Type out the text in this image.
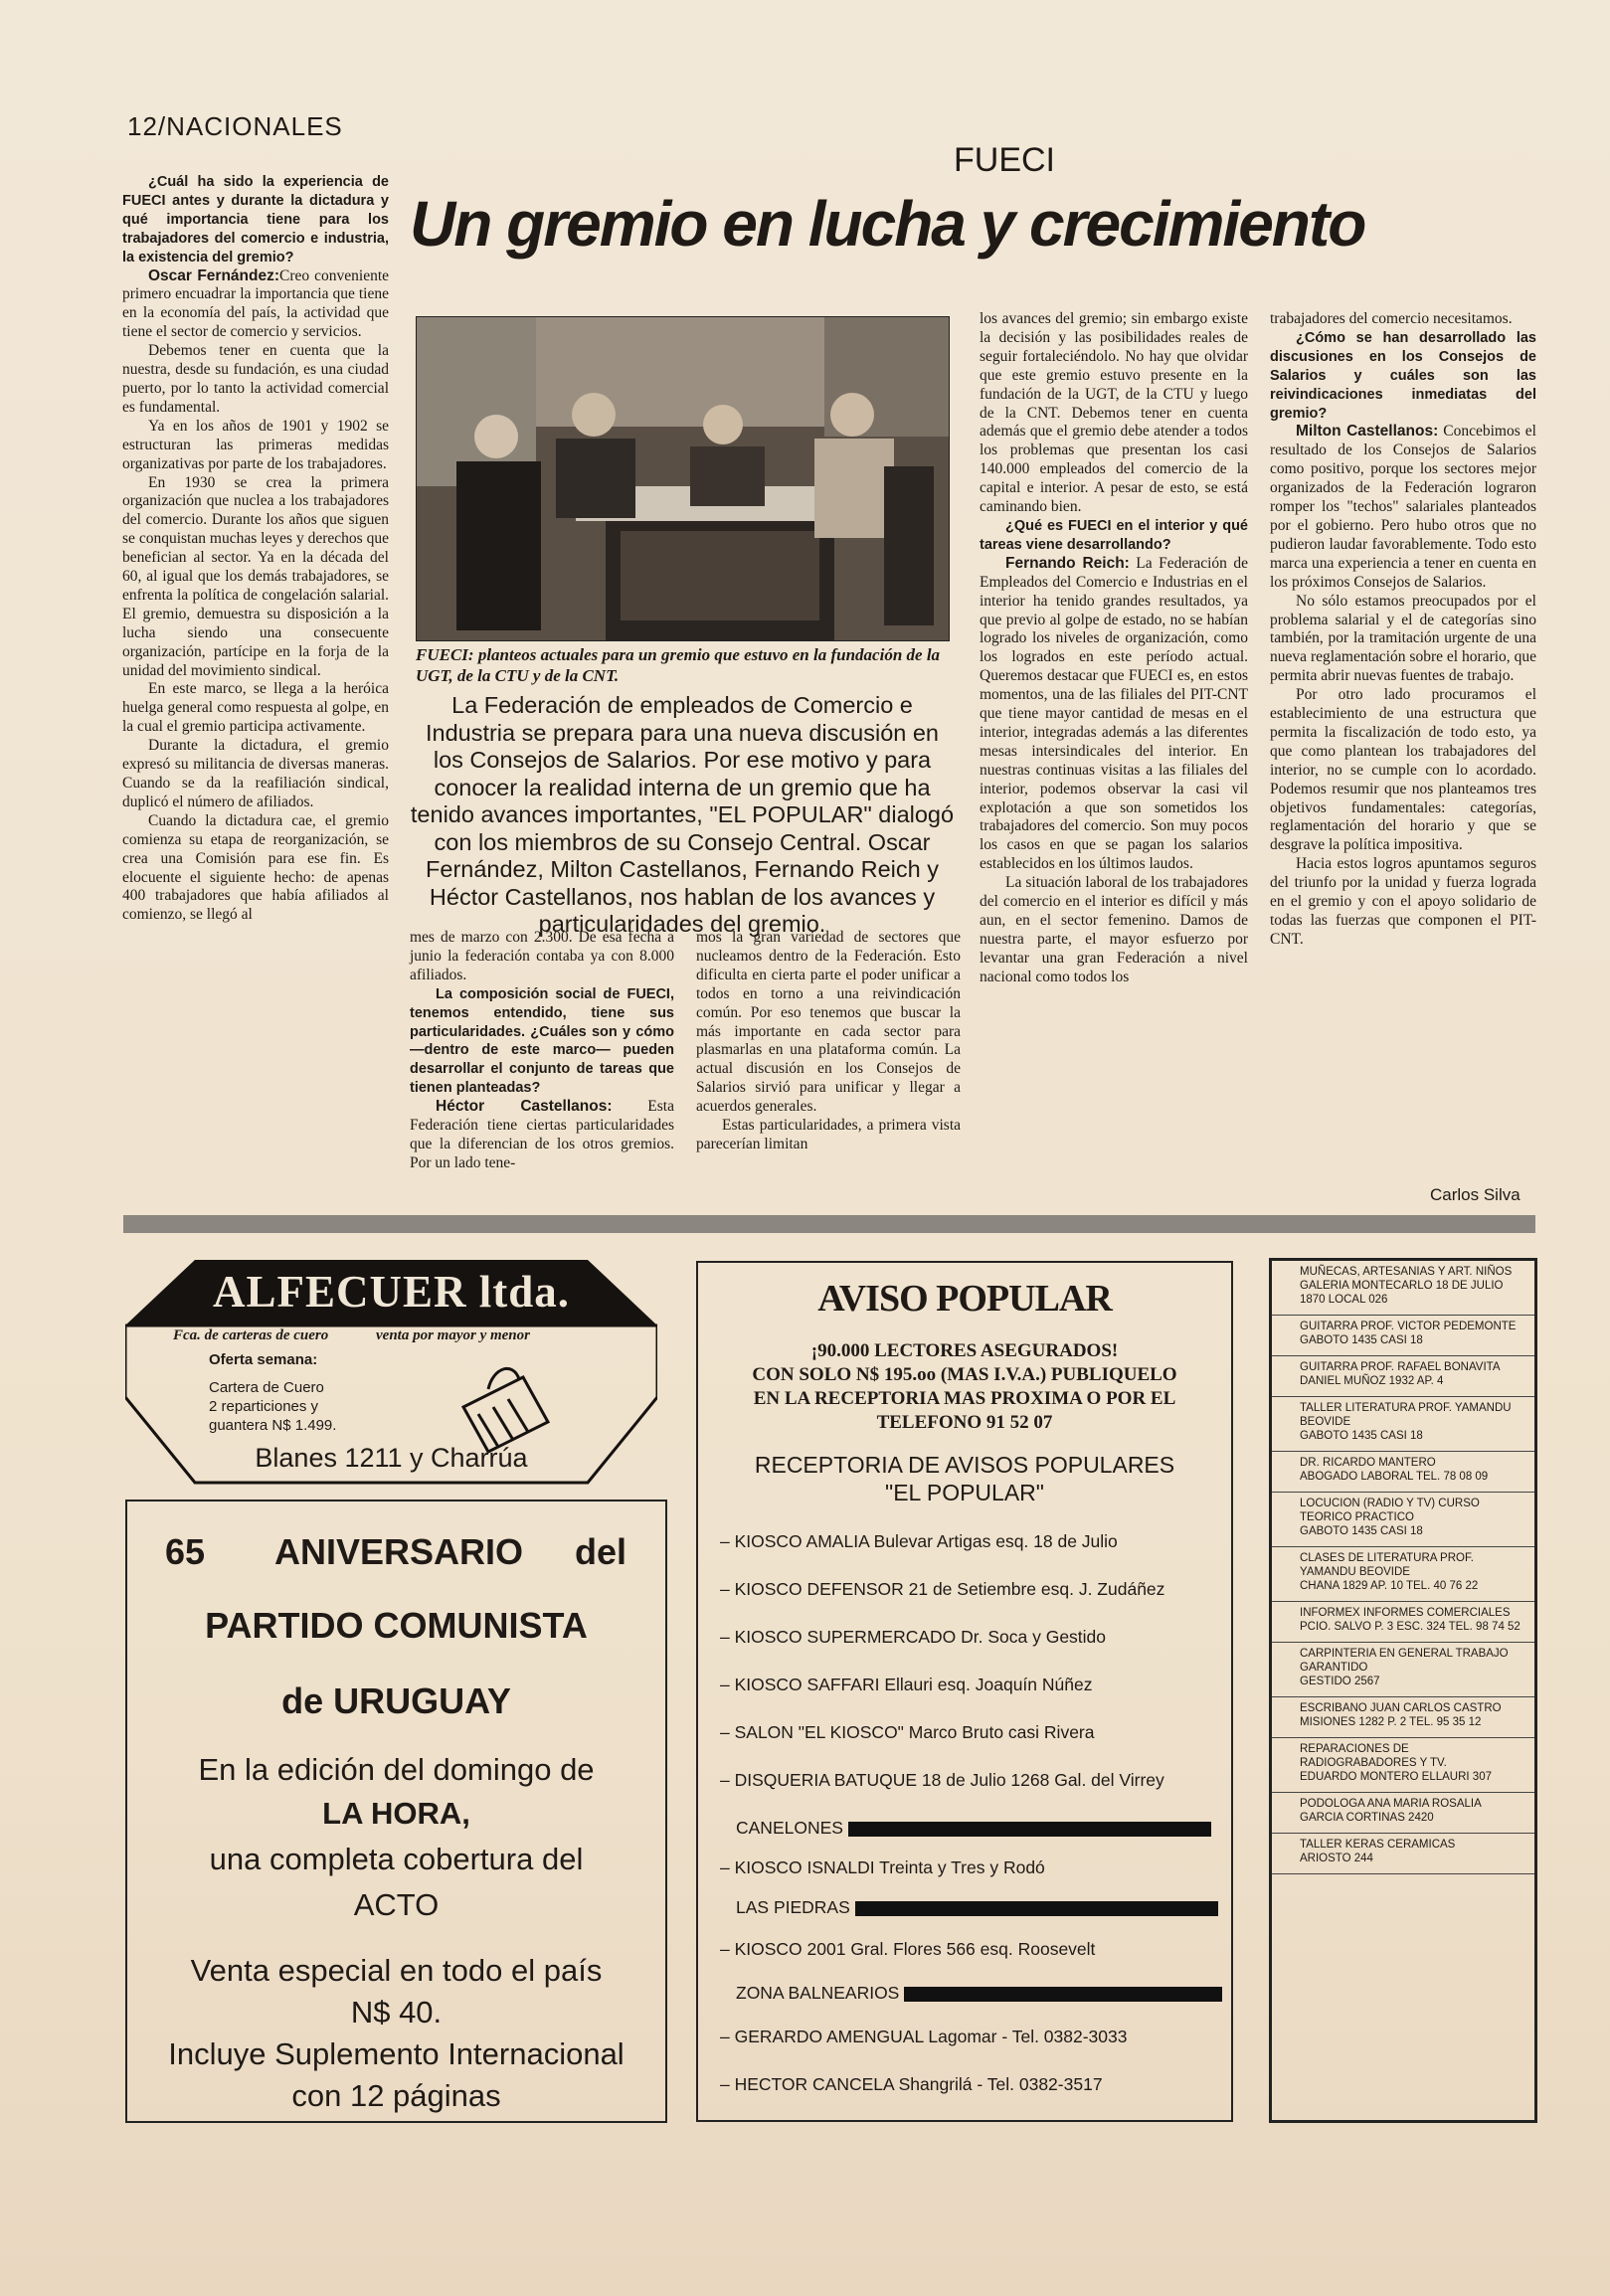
12/NACIONALES
FUECI
Un gremio en lucha y crecimiento

¿Cuál ha sido la experiencia de FUECI antes y durante la dictadura y qué importancia tiene para los trabajadores del comercio e industria, la existencia del gremio?

Oscar Fernández:Creo conveniente primero encuadrar la importancia que tiene en la economía del país, la actividad que tiene el sector de comercio y servicios.

Debemos tener en cuenta que la nuestra, desde su fundación, es una ciudad puerto, por lo tanto la actividad comercial es fundamental.

Ya en los años de 1901 y 1902 se estructuran las primeras medidas organizativas por parte de los trabajadores.

En 1930 se crea la primera organización que nuclea a los trabajadores del comercio. Durante los años que siguen se conquistan muchas leyes y derechos que benefician al sector. Ya en la década del 60, al igual que los demás trabajadores, se enfrenta la política de congelación salarial. El gremio, demuestra su disposición a la lucha siendo una consecuente organización, partícipe en la forja de la unidad del movimiento sindical.

En este marco, se llega a la heróica huelga general como respuesta al golpe, en la cual el gremio participa activamente.

Durante la dictadura, el gremio expresó su militancia de diversas maneras. Cuando se da la reafiliación sindical, duplicó el número de afiliados.

Cuando la dictadura cae, el gremio comienza su etapa de reorganización, se crea una Comisión para ese fin. Es elocuente el siguiente hecho: de apenas 400 trabajadores que había afiliados al comienzo, se llegó al

FUECI: planteos actuales para un gremio que estuvo en la fundación de la UGT, de la CTU y de la CNT.
La Federación de empleados de Comercio e Industria se prepara para una nueva discusión en los Consejos de Salarios. Por ese motivo y para conocer la realidad interna de un gremio que ha tenido avances importantes, "EL POPULAR" dialogó con los miembros de su Consejo Central. Oscar Fernández, Milton Castellanos, Fernando Reich y Héctor Castellanos, nos hablan de los avances y particularidades del gremio.

mes de marzo con 2.300. De esa fecha a junio la federación contaba ya con 8.000 afiliados.

La composición social de FUECI, tenemos entendido, tiene sus particularidades. ¿Cuáles son y cómo —dentro de este marco— pueden desarrollar el conjunto de tareas que tienen planteadas?

Héctor Castellanos: Esta Federación tiene ciertas particularidades que la diferencian de los otros gremios. Por un lado tene-

mos la gran variedad de sectores que nucleamos dentro de la Federación. Esto dificulta en cierta parte el poder unificar a todos en torno a una reivindicación común. Por eso tenemos que buscar la más importante en cada sector para plasmarlas en una plataforma común. La actual discusión en los Consejos de Salarios sirvió para unificar y llegar a acuerdos generales.

Estas particularidades, a primera vista parecerían limitan

los avances del gremio; sin embargo existe la decisión y las posibilidades reales de seguir fortaleciéndolo. No hay que olvidar que este gremio estuvo presente en la fundación de la UGT, de la CTU y luego de la CNT. Debemos tener en cuenta además que el gremio debe atender a todos los problemas que presentan los casi 140.000 empleados del comercio de la capital e interior. A pesar de esto, se está caminando bien.

¿Qué es FUECI en el interior y qué tareas viene desarrollando?

Fernando Reich: La Federación de Empleados del Comercio e Industrias en el interior ha tenido grandes resultados, ya que previo al golpe de estado, no se habían logrado los niveles de organización, como los logrados en este período actual. Queremos destacar que FUECI es, en estos momentos, una de las filiales del PIT-CNT que tiene mayor cantidad de mesas en el interior, integradas además a las diferentes mesas intersindicales del interior. En nuestras continuas visitas a las filiales del interior, podemos observar la casi vil explotación a que son sometidos los trabajadores del comercio. Son muy pocos los casos en que se pagan los salarios establecidos en los últimos laudos.

La situación laboral de los trabajadores del comercio en el interior es difícil y más aun, en el sector femenino. Damos de nuestra parte, el mayor esfuerzo por levantar una gran Federación a nivel nacional como todos los

trabajadores del comercio necesitamos.

¿Cómo se han desarrollado las discusiones en los Consejos de Salarios y cuáles son las reivindicaciones inmediatas del gremio?

Milton Castellanos: Concebimos el resultado de los Consejos de Salarios como positivo, porque los sectores mejor organizados de la Federación lograron romper los "techos" salariales planteados por el gobierno. Pero hubo otros que no pudieron laudar favorablemente. Todo esto marca una experiencia a tener en cuenta en los próximos Consejos de Salarios.

No sólo estamos preocupados por el problema salarial y el de categorías sino también, por la tramitación urgente de una nueva reglamentación sobre el horario, que permita abrir nuevas fuentes de trabajo.

Por otro lado procuramos el establecimiento de una estructura que permita la fiscalización de todo esto, ya que como plantean los trabajadores del interior, no se cumple con lo acordado. Podemos resumir que nos planteamos tres objetivos fundamentales: categorías, reglamentación del horario y que se desgrave la política impositiva.

Hacia estos logros apuntamos seguros del triunfo por la unidad y fuerza lograda en el gremio y con el apoyo solidario de todas las fuerzas que componen el PIT-CNT.

Carlos Silva
ALFECUER ltda.
Fca. de carteras de cuero	venta por mayor y menor
Oferta semana:
Cartera de Cuero
2 reparticiones y
guantera N$ 1.499.
Blanes 1211 y Charrúa
65 ANIVERSARIO del
PARTIDO COMUNISTA
de URUGUAY
En la edición del domingo de
LA HORA,
una completa cobertura del
ACTO
Venta especial en todo el país
N$ 40.
Incluye Suplemento Internacional
con 12 páginas
AVISO POPULAR
¡90.000 LECTORES ASEGURADOS!
CON SOLO N$ 195.oo (MAS I.V.A.) PUBLIQUELO
EN LA RECEPTORIA MAS PROXIMA O POR EL
TELEFONO 91 52 07
RECEPTORIA DE AVISOS POPULARES
"EL POPULAR"
– KIOSCO AMALIA Bulevar Artigas esq. 18 de Julio
– KIOSCO DEFENSOR 21 de Setiembre esq. J. Zudáñez
– KIOSCO SUPERMERCADO Dr. Soca y Gestido
– KIOSCO SAFFARI Ellauri esq. Joaquín Núñez
– SALON "EL KIOSCO" Marco Bruto casi Rivera
– DISQUERIA BATUQUE 18 de Julio 1268 Gal. del Virrey
CANELONES
– KIOSCO ISNALDI Treinta y Tres y Rodó
LAS PIEDRAS
– KIOSCO 2001 Gral. Flores 566 esq. Roosevelt
ZONA BALNEARIOS
– GERARDO AMENGUAL Lagomar - Tel. 0382-3033
– HECTOR CANCELA Shangrilá - Tel. 0382-3517
MUÑECAS, ARTESANIAS Y ART. NIÑOS
GALERIA MONTECARLO 18 DE JULIO 1870 LOCAL 026
GUITARRA PROF. VICTOR PEDEMONTE
GABOTO 1435 CASI 18
GUITARRA PROF. RAFAEL BONAVITA
DANIEL MUÑOZ 1932 AP. 4
TALLER LITERATURA PROF. YAMANDU BEOVIDE
GABOTO 1435 CASI 18
DR. RICARDO MANTERO
ABOGADO LABORAL TEL. 78 08 09
LOCUCION (RADIO Y TV) CURSO TEORICO PRACTICO
GABOTO 1435 CASI 18
CLASES DE LITERATURA PROF. YAMANDU BEOVIDE
CHANA 1829 AP. 10 TEL. 40 76 22
INFORMEX INFORMES COMERCIALES
PCIO. SALVO P. 3 ESC. 324 TEL. 98 74 52
CARPINTERIA EN GENERAL TRABAJO GARANTIDO
GESTIDO 2567
ESCRIBANO JUAN CARLOS CASTRO
MISIONES 1282 P. 2 TEL. 95 35 12
REPARACIONES DE RADIOGRABADORES Y TV.
EDUARDO MONTERO ELLAURI 307
PODOLOGA ANA MARIA ROSALIA
GARCIA CORTINAS 2420
TALLER KERAS CERAMICAS
ARIOSTO 244
